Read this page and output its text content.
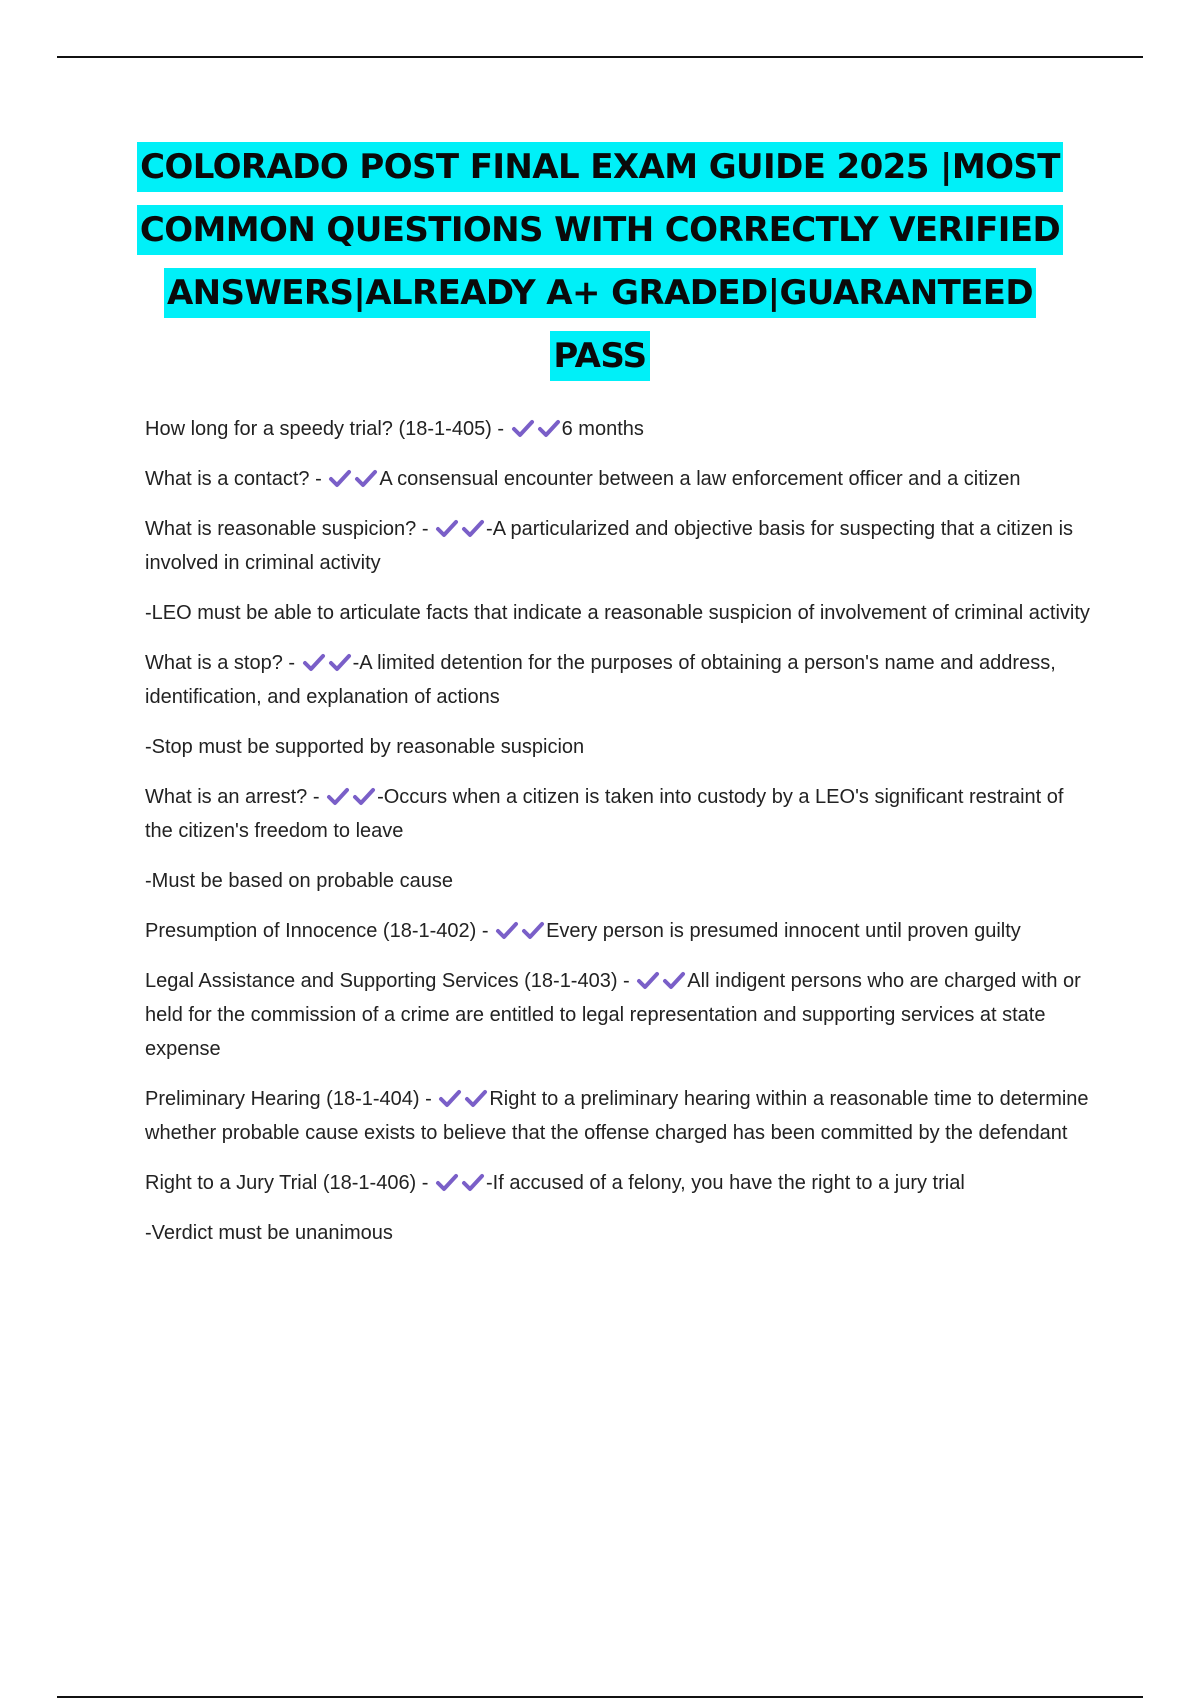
COLORADO POST FINAL EXAM GUIDE 2025 |MOST
COMMON QUESTIONS WITH CORRECTLY VERIFIED
ANSWERS|ALREADY A+ GRADED|GUARANTEED
PASS

How long for a speedy trial? (18-1-405) -	6 months

What is a contact? -	A consensual encounter between a law enforcement officer and a citizen

What is reasonable suspicion? -	-A particularized and objective basis for suspecting that a citizen is involved in criminal activity

-LEO must be able to articulate facts that indicate a reasonable suspicion of involvement of criminal activity

What is a stop? -	-A limited detention for the purposes of obtaining a person's name and address, identification, and explanation of actions

-Stop must be supported by reasonable suspicion

What is an arrest? -	-Occurs when a citizen is taken into custody by a LEO's significant restraint of the citizen's freedom to leave

-Must be based on probable cause

Presumption of Innocence (18-1-402) -	Every person is presumed innocent until proven guilty

Legal Assistance and Supporting Services (18-1-403) -	All indigent persons who are charged with or held for the commission of a crime are entitled to legal representation and supporting services at state expense

Preliminary Hearing (18-1-404) -	Right to a preliminary hearing within a reasonable time to determine whether probable cause exists to believe that the offense charged has been committed by the defendant

Right to a Jury Trial (18-1-406) -	-If accused of a felony, you have the right to a jury trial

-Verdict must be unanimous
